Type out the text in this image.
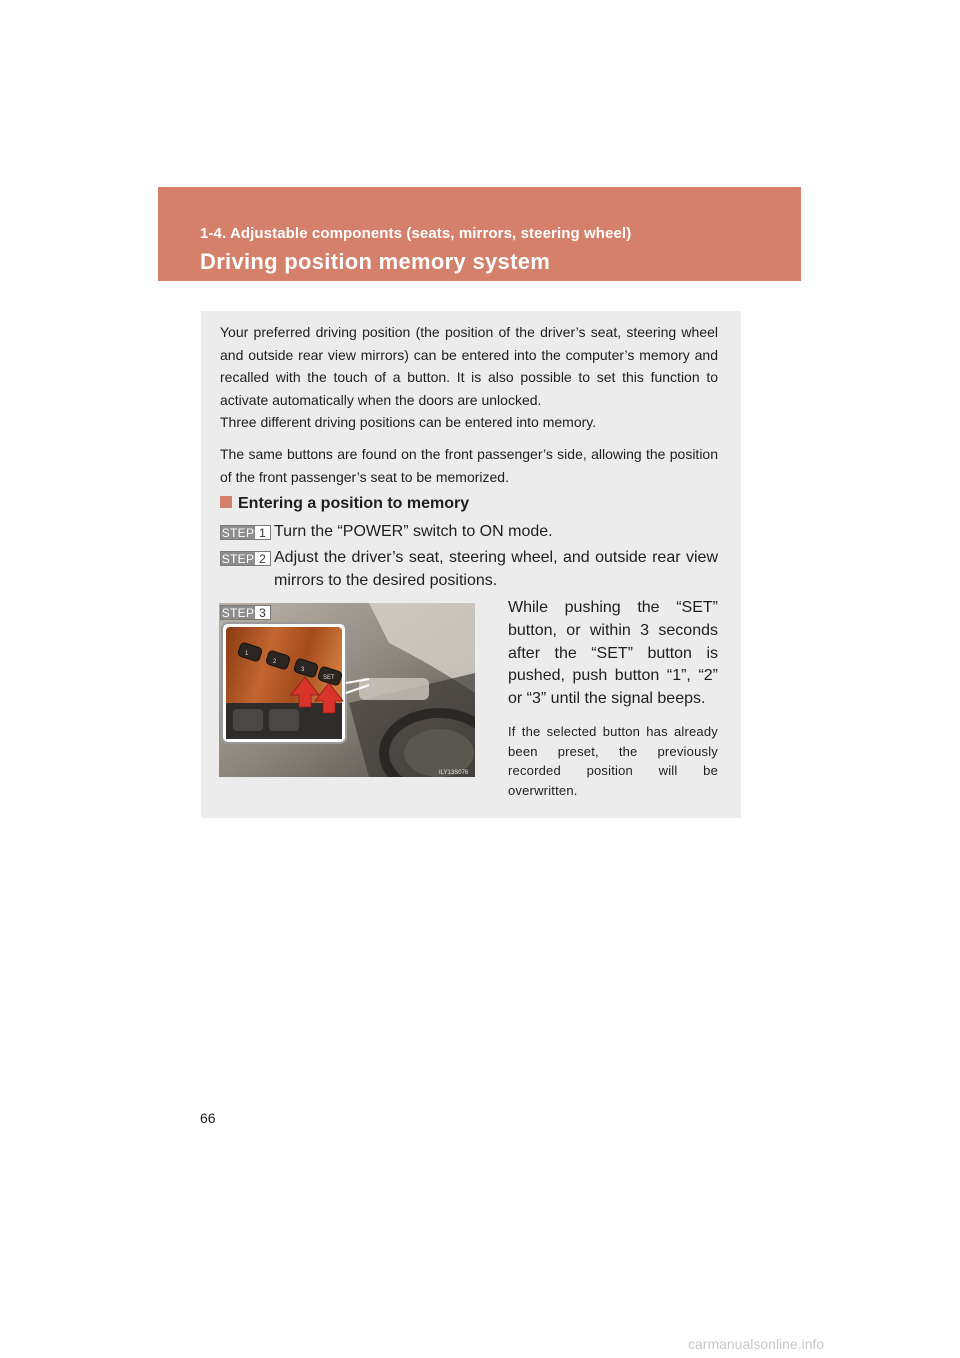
1-4. Adjustable components (seats, mirrors, steering wheel)
Driving position memory system
Your preferred driving position (the position of the driver’s seat, steering wheel and outside rear view mirrors) can be entered into the computer’s memory and recalled with the touch of a button. It is also possible to set this function to activate automatically when the doors are unlocked.
Three different driving positions can be entered into memory.
The same buttons are found on the front passenger’s side, allowing the position of the front passenger’s seat to be memorized.
Entering a position to memory
STEP 1 Turn the “POWER” switch to ON mode.
STEP 2 Adjust the driver’s seat, steering wheel, and outside rear view mirrors to the desired positions.
1
2
3
SET
ILY13S076
STEP 3	While pushing the “SET” button, or within 3 seconds after the “SET” button is pushed, push button “1”, “2” or “3” until the signal beeps.
If the selected button has already been preset, the previously recorded position will be overwritten.
66
carmanualsonline.info
